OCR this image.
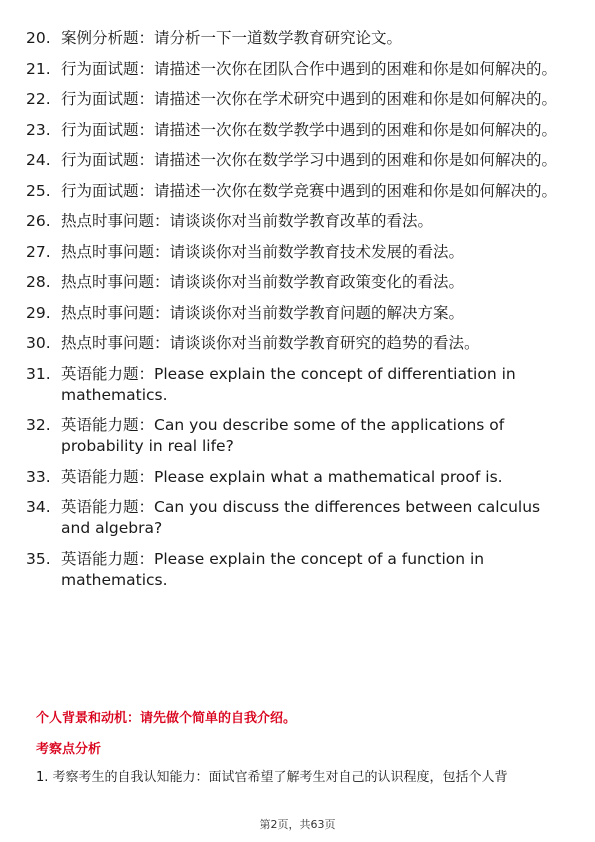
20. 案例分析题：请分析一下一道数学教育研究论文。
21. 行为面试题：请描述一次你在团队合作中遇到的困难和你是如何解决的。
22. 行为面试题：请描述一次你在学术研究中遇到的困难和你是如何解决的。
23. 行为面试题：请描述一次你在数学教学中遇到的困难和你是如何解决的。
24. 行为面试题：请描述一次你在数学学习中遇到的困难和你是如何解决的。
25. 行为面试题：请描述一次你在数学竞赛中遇到的困难和你是如何解决的。
26. 热点时事问题：请谈谈你对当前数学教育改革的看法。
27. 热点时事问题：请谈谈你对当前数学教育技术发展的看法。
28. 热点时事问题：请谈谈你对当前数学教育政策变化的看法。
29. 热点时事问题：请谈谈你对当前数学教育问题的解决方案。
30. 热点时事问题：请谈谈你对当前数学教育研究的趋势的看法。
31. 英语能力题：Please explain the concept of differentiation in mathematics.
32. 英语能力题：Can you describe some of the applications of probability in real life?
33. 英语能力题：Please explain what a mathematical proof is.
34. 英语能力题：Can you discuss the differences between calculus and algebra?
35. 英语能力题：Please explain the concept of a function in mathematics.
个人背景和动机：请先做个简单的自我介绍。
考察点分析
1. 考察考生的自我认知能力：面试官希望了解考生对自己的认识程度，包括个人背
第2页，共63页
